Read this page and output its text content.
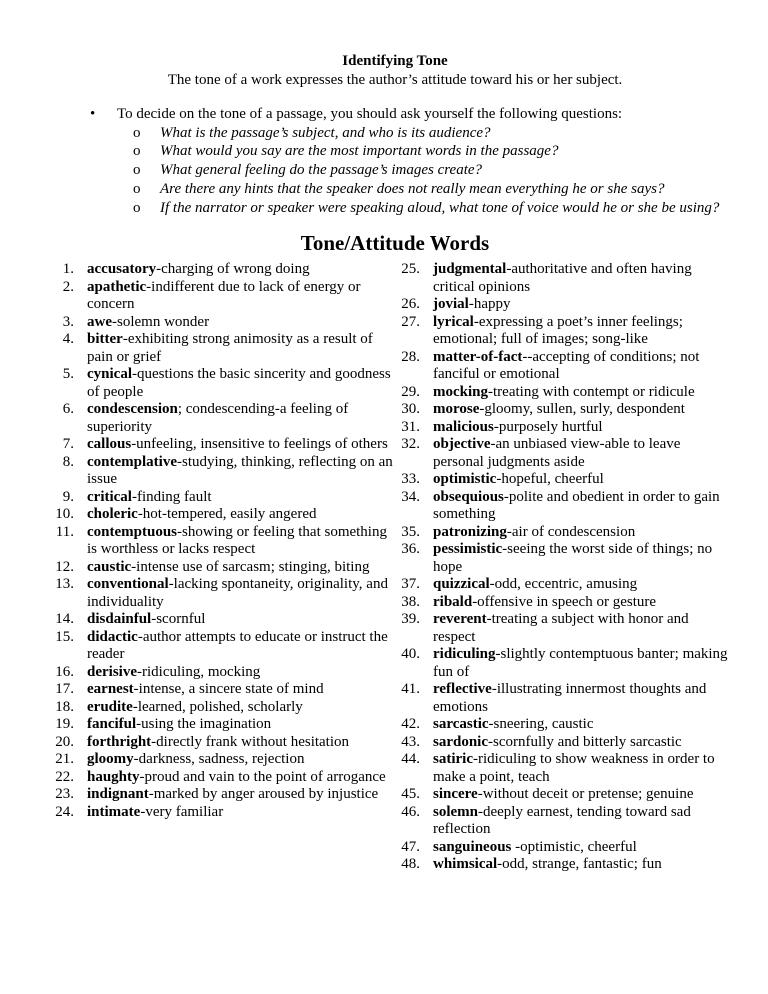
Identifying Tone
The tone of a work expresses the author’s attitude toward his or her subject.
•	To decide on the tone of a passage, you should ask yourself the following questions:
o	What is the passage’s subject, and who is its audience?
o	What would you say are the most important words in the passage?
o	What general feeling do the passage’s images create?
o	Are there any hints that the speaker does not really mean everything he or she says?
o	If the narrator or speaker were speaking aloud, what tone of voice would he or she be using?
Tone/Attitude Words
1. accusatory-charging of wrong doing
2. apathetic-indifferent due to lack of energy or concern
3. awe-solemn wonder
4. bitter-exhibiting strong animosity as a result of pain or grief
5. cynical-questions the basic sincerity and goodness of people
6. condescension; condescending-a feeling of superiority
7. callous-unfeeling, insensitive to feelings of others
8. contemplative-studying, thinking, reflecting on an issue
9. critical-finding fault
10. choleric-hot-tempered, easily angered
11. contemptuous-showing or feeling that something is worthless or lacks respect
12. caustic-intense use of sarcasm; stinging, biting
13. conventional-lacking spontaneity, originality, and individuality
14. disdainful-scornful
15. didactic-author attempts to educate or instruct the reader
16. derisive-ridiculing, mocking
17. earnest-intense, a sincere state of mind
18. erudite-learned, polished, scholarly
19. fanciful-using the imagination
20. forthright-directly frank without hesitation
21. gloomy-darkness, sadness, rejection
22. haughty-proud and vain to the point of arrogance
23. indignant-marked by anger aroused by injustice
24. intimate-very familiar
25. judgmental-authoritative and often having critical opinions
26. jovial-happy
27. lyrical-expressing a poet’s inner feelings; emotional; full of images; song-like
28. matter-of-fact--accepting of conditions; not fanciful or emotional
29. mocking-treating with contempt or ridicule
30. morose-gloomy, sullen, surly, despondent
31. malicious-purposely hurtful
32. objective-an unbiased view-able to leave personal judgments aside
33. optimistic-hopeful, cheerful
34. obsequious-polite and obedient in order to gain something
35. patronizing-air of condescension
36. pessimistic-seeing the worst side of things; no hope
37. quizzical-odd, eccentric, amusing
38. ribald-offensive in speech or gesture
39. reverent-treating a subject with honor and respect
40. ridiculing-slightly contemptuous banter; making fun of
41. reflective-illustrating innermost thoughts and emotions
42. sarcastic-sneering, caustic
43. sardonic-scornfully and bitterly sarcastic
44. satiric-ridiculing to show weakness in order to make a point, teach
45. sincere-without deceit or pretense; genuine
46. solemn-deeply earnest, tending toward sad reflection
47. sanguineous -optimistic, cheerful
48. whimsical-odd, strange, fantastic; fun
